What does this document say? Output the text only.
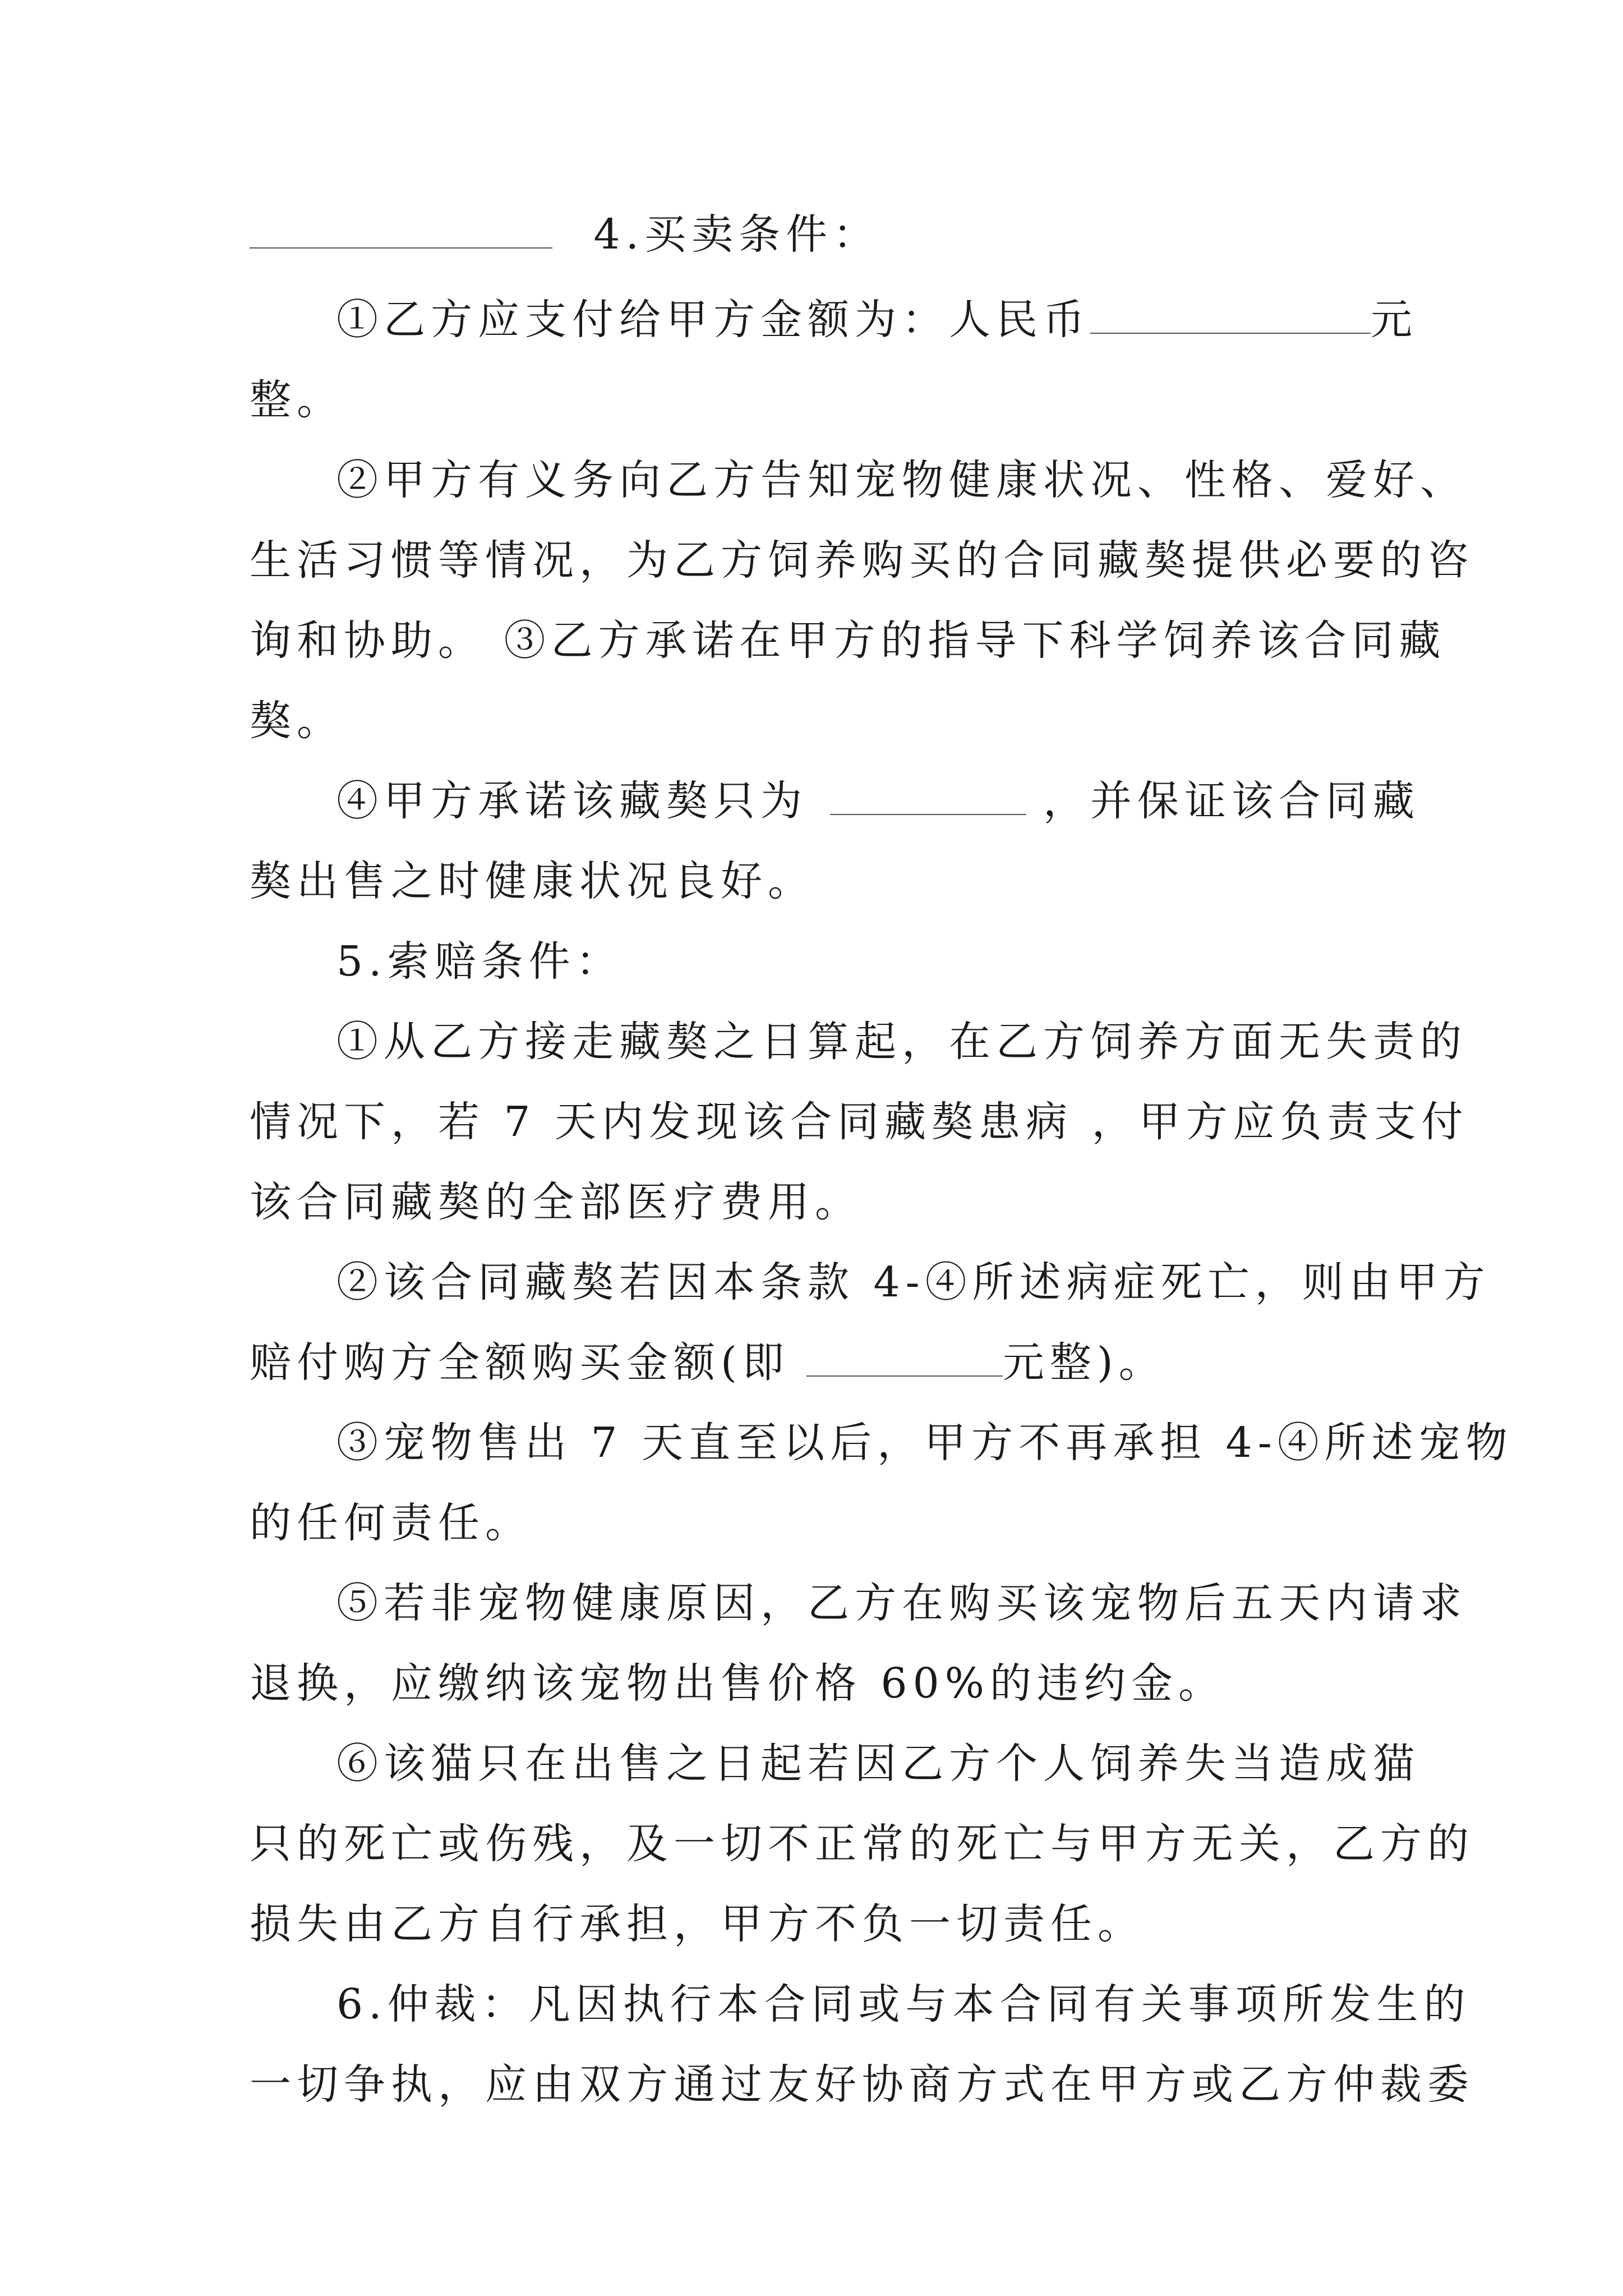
4.买卖条件：
①乙方应支付给甲方金额为：人民币	元
整。
②甲方有义务向乙方告知宠物健康状况、性格、爱好、
生活习惯等情况，为乙方饲养购买的合同藏獒提供必要的咨
询和协助。 ③乙方承诺在甲方的指导下科学饲养该合同藏
獒。
④甲方承诺该藏獒只为	，并保证该合同藏
獒出售之时健康状况良好。
5.索赔条件：
①从乙方接走藏獒之日算起，在乙方饲养方面无失责的
情况下，若 7 天内发现该合同藏獒患病 ，甲方应负责支付
该合同藏獒的全部医疗费用。
②该合同藏獒若因本条款 4-④所述病症死亡，则由甲方
赔付购方全额购买金额(即	元整)。
③宠物售出 7 天直至以后，甲方不再承担 4-④所述宠物
的任何责任。
⑤若非宠物健康原因，乙方在购买该宠物后五天内请求
退换，应缴纳该宠物出售价格 60%的违约金。
⑥该猫只在出售之日起若因乙方个人饲养失当造成猫
只的死亡或伤残，及一切不正常的死亡与甲方无关，乙方的
损失由乙方自行承担，甲方不负一切责任。
6.仲裁：凡因执行本合同或与本合同有关事项所发生的
一切争执，应由双方通过友好协商方式在甲方或乙方仲裁委
